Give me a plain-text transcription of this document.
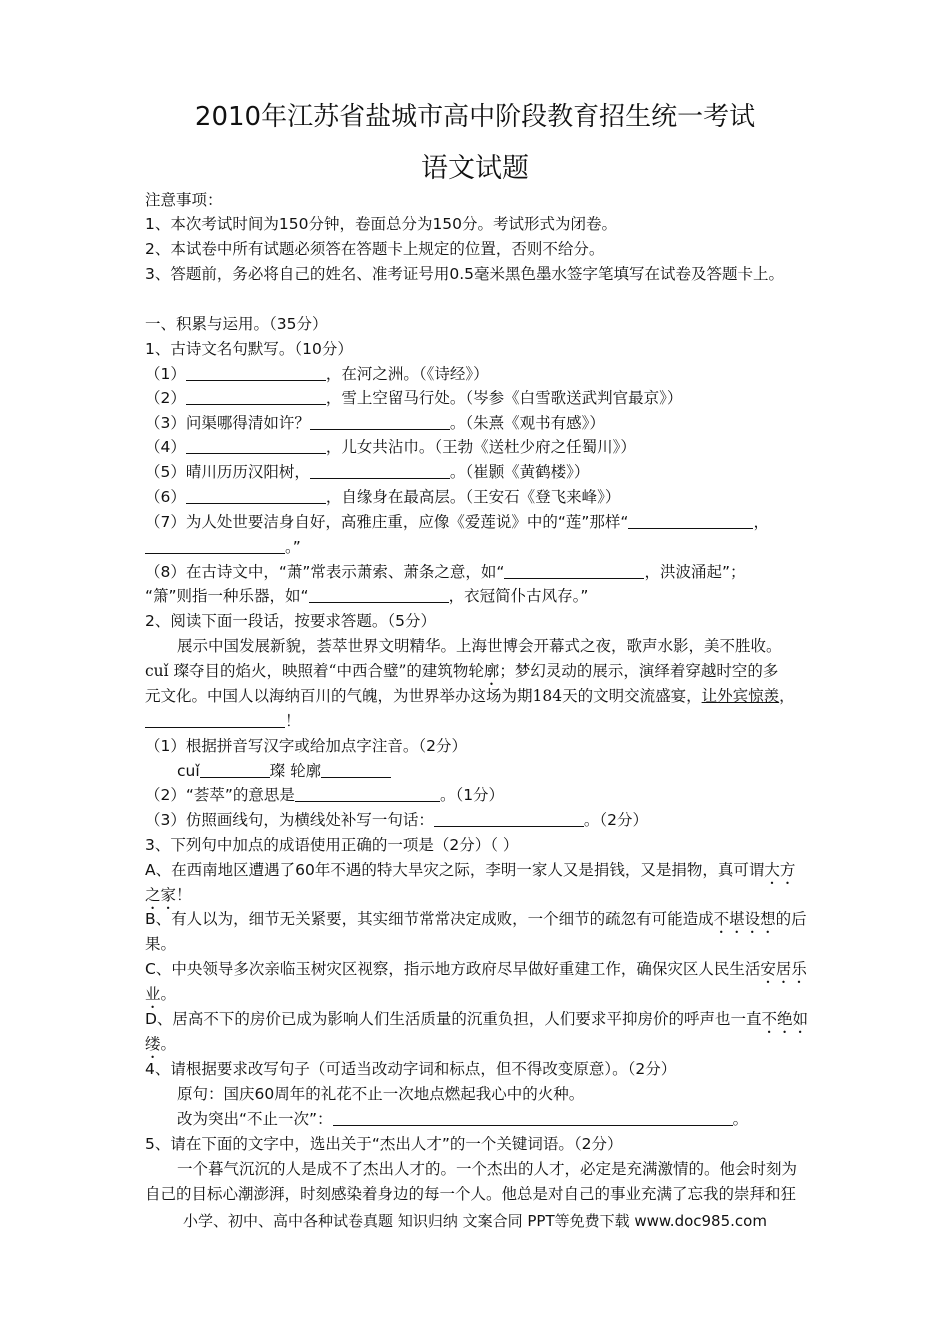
2010年江苏省盐城市高中阶段教育招生统一考试
语文试题
注意事项：
1、本次考试时间为150分钟，卷面总分为150分。考试形式为闭卷。
2、本试卷中所有试题必须答在答题卡上规定的位置，否则不给分。
3、答题前，务必将自己的姓名、准考证号用0.5毫米黑色墨水签字笔填写在试卷及答题卡上。
一、积累与运用。（35分）
1、古诗文名句默写。（10分）
（1）	，在河之洲。（《诗经》）
（2）	，雪上空留马行处。（岑参《白雪歌送武判官最京》）
（3）问渠哪得清如许？	。（朱熹《观书有感》）
（4）	，儿女共沾巾。（王勃《送杜少府之任蜀川》）
（5）晴川历历汉阳树，	。（崔颢《黄鹤楼》）
（6）	，自缘身在最高层。（王安石《登飞来峰》）
（7）为人处世要洁身自好，高雅庄重，应像《爱莲说》中的“莲”那样“	，
。”
（8）在古诗文中，“萧”常表示萧索、萧条之意，如“	，洪波涌起”；
“箫”则指一种乐器，如“	，衣冠简仆古风存。”
2、阅读下面一段话，按要求答题。（5分）
展示中国发展新貌，荟萃世界文明精华。上海世博会开幕式之夜，歌声水影，美不胜收。
cuǐ 璨夺目的焰火，映照着“中西合璧”的建筑物轮廓；梦幻灵动的展示，演绎着穿越时空的多
元文化。中国人以海纳百川的气魄，为世界举办这场为期184天的文明交流盛宴，让外宾惊羡，
！
（1）根据拼音写汉字或给加点字注音。（2分）
cuǐ	璨 轮廓
（2）“荟萃”的意思是	。（1分）
（3）仿照画线句，为横线处补写一句话：	。（2分）
3、下列句中加点的成语使用正确的一项是（2分）（ ）
A、在西南地区遭遇了60年不遇的特大旱灾之际，李明一家人又是捐钱，又是捐物，真可谓大方
之家！
B、有人以为，细节无关紧要，其实细节常常决定成败，一个细节的疏忽有可能造成不堪设想的后
果。
C、中央领导多次亲临玉树灾区视察，指示地方政府尽早做好重建工作，确保灾区人民生活安居乐
业。
D、居高不下的房价已成为影响人们生活质量的沉重负担，人们要求平抑房价的呼声也一直不绝如
缕。
4、请根据要求改写句子（可适当改动字词和标点，但不得改变原意）。（2分）
原句：国庆60周年的礼花不止一次地点燃起我心中的火种。
改为突出“不止一次”：	。
5、请在下面的文字中，选出关于“杰出人才”的一个关键词语。（2分）
一个暮气沉沉的人是成不了杰出人才的。一个杰出的人才，必定是充满激情的。他会时刻为
自己的目标心潮澎湃，时刻感染着身边的每一个人。他总是对自己的事业充满了忘我的崇拜和狂
小学、初中、高中各种试卷真题 知识归纳 文案合同 PPT等免费下载 www.doc985.com
